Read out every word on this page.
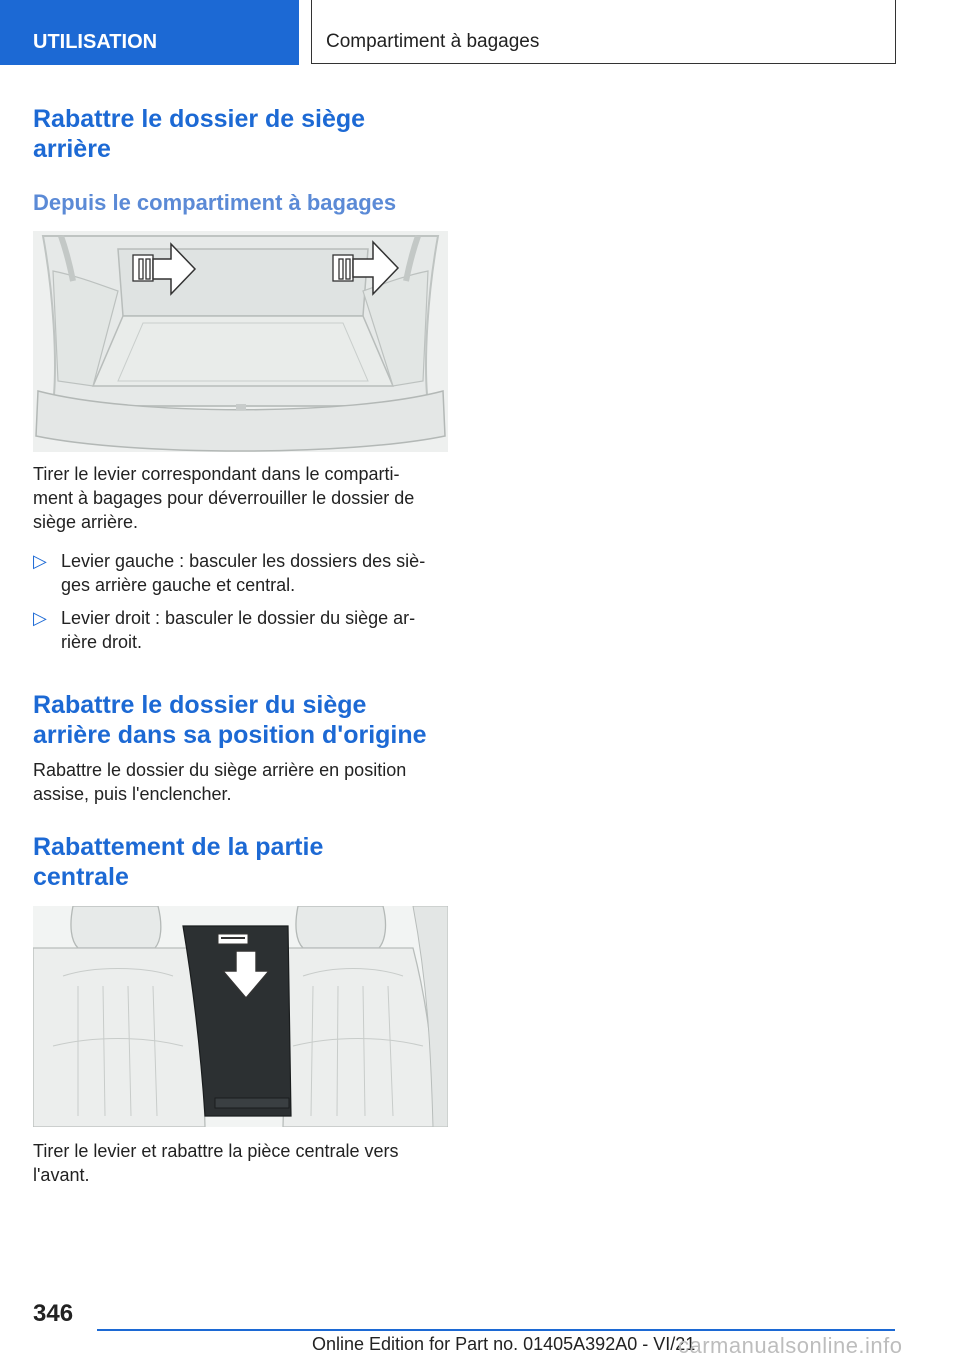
UTILISATION	Compartiment à bagages
Rabattre le dossier de siège
arrière
Depuis le compartiment à bagages
Tirer le levier correspondant dans le comparti-
ment à bagages pour déverrouiller le dossier de
siège arrière.
▷ Levier gauche : basculer les dossiers des siè-
ges arrière gauche et central.
▷ Levier droit : basculer le dossier du siège ar-
rière droit.
Rabattre le dossier du siège
arrière dans sa position d'origine
Rabattre le dossier du siège arrière en position
assise, puis l'enclencher.
Rabattement de la partie
centrale
Tirer le levier et rabattre la pièce centrale vers
l'avant.
346
Online Edition for Part no. 01405A392A0 - VI/21
carmanualsonline.info
